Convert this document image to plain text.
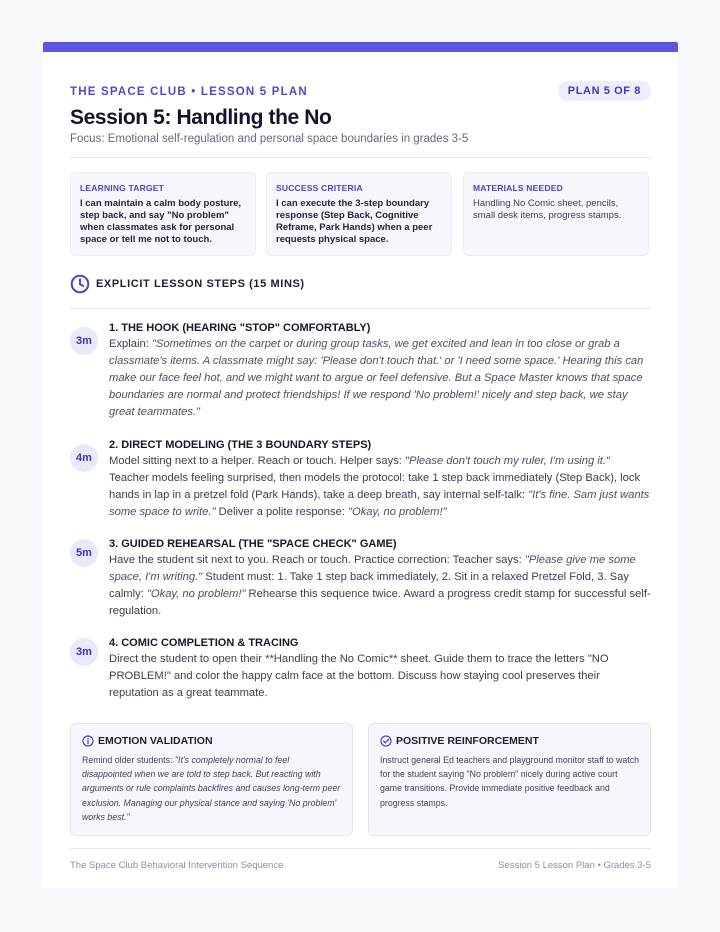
THE SPACE CLUB • LESSON 5 PLAN	PLAN 5 OF 8
Session 5: Handling the No
Focus: Emotional self-regulation and personal space boundaries in grades 3-5
LEARNING TARGET
I can maintain a calm body posture, step back, and say "No problem" when classmates ask for personal space or tell me not to touch.
SUCCESS CRITERIA
I can execute the 3-step boundary response (Step Back, Cognitive Reframe, Park Hands) when a peer requests physical space.
MATERIALS NEEDED
Handling No Comic sheet, pencils, small desk items, progress stamps.
EXPLICIT LESSON STEPS (15 MINS)
3m
1. THE HOOK (HEARING "STOP" COMFORTABLY)
Explain: "Sometimes on the carpet or during group tasks, we get excited and lean in too close or grab a classmate's items. A classmate might say: 'Please don't touch that.' or 'I need some space.' Hearing this can make our face feel hot, and we might want to argue or feel defensive. But a Space Master knows that space boundaries are normal and protect friendships! If we respond 'No problem!' nicely and step back, we stay great teammates."
4m
2. DIRECT MODELING (THE 3 BOUNDARY STEPS)
Model sitting next to a helper. Reach or touch. Helper says: "Please don't touch my ruler, I'm using it." Teacher models feeling surprised, then models the protocol: take 1 step back immediately (Step Back), lock hands in lap in a pretzel fold (Park Hands), take a deep breath, say internal self-talk: "It's fine. Sam just wants some space to write." Deliver a polite response: "Okay, no problem!"
5m
3. GUIDED REHEARSAL (THE "SPACE CHECK" GAME)
Have the student sit next to you. Reach or touch. Practice correction: Teacher says: "Please give me some space, I'm writing." Student must: 1. Take 1 step back immediately, 2. Sit in a relaxed Pretzel Fold, 3. Say calmly: "Okay, no problem!" Rehearse this sequence twice. Award a progress credit stamp for successful self-regulation.
3m
4. COMIC COMPLETION & TRACING
Direct the student to open their **Handling the No Comic** sheet. Guide them to trace the letters "NO PROBLEM!" and color the happy calm face at the bottom. Discuss how staying cool preserves their reputation as a great teammate.
EMOTION VALIDATION
Remind older students: "It's completely normal to feel disappointed when we are told to step back. But reacting with arguments or rule complaints backfires and causes long-term peer exclusion. Managing our physical stance and saying 'No problem' works best."
POSITIVE REINFORCEMENT
Instruct general Ed teachers and playground monitor staff to watch for the student saying "No problem" nicely during active court game transitions. Provide immediate positive feedback and progress stamps.
The Space Club Behavioral Intervention Sequence	Session 5 Lesson Plan • Grades 3-5
